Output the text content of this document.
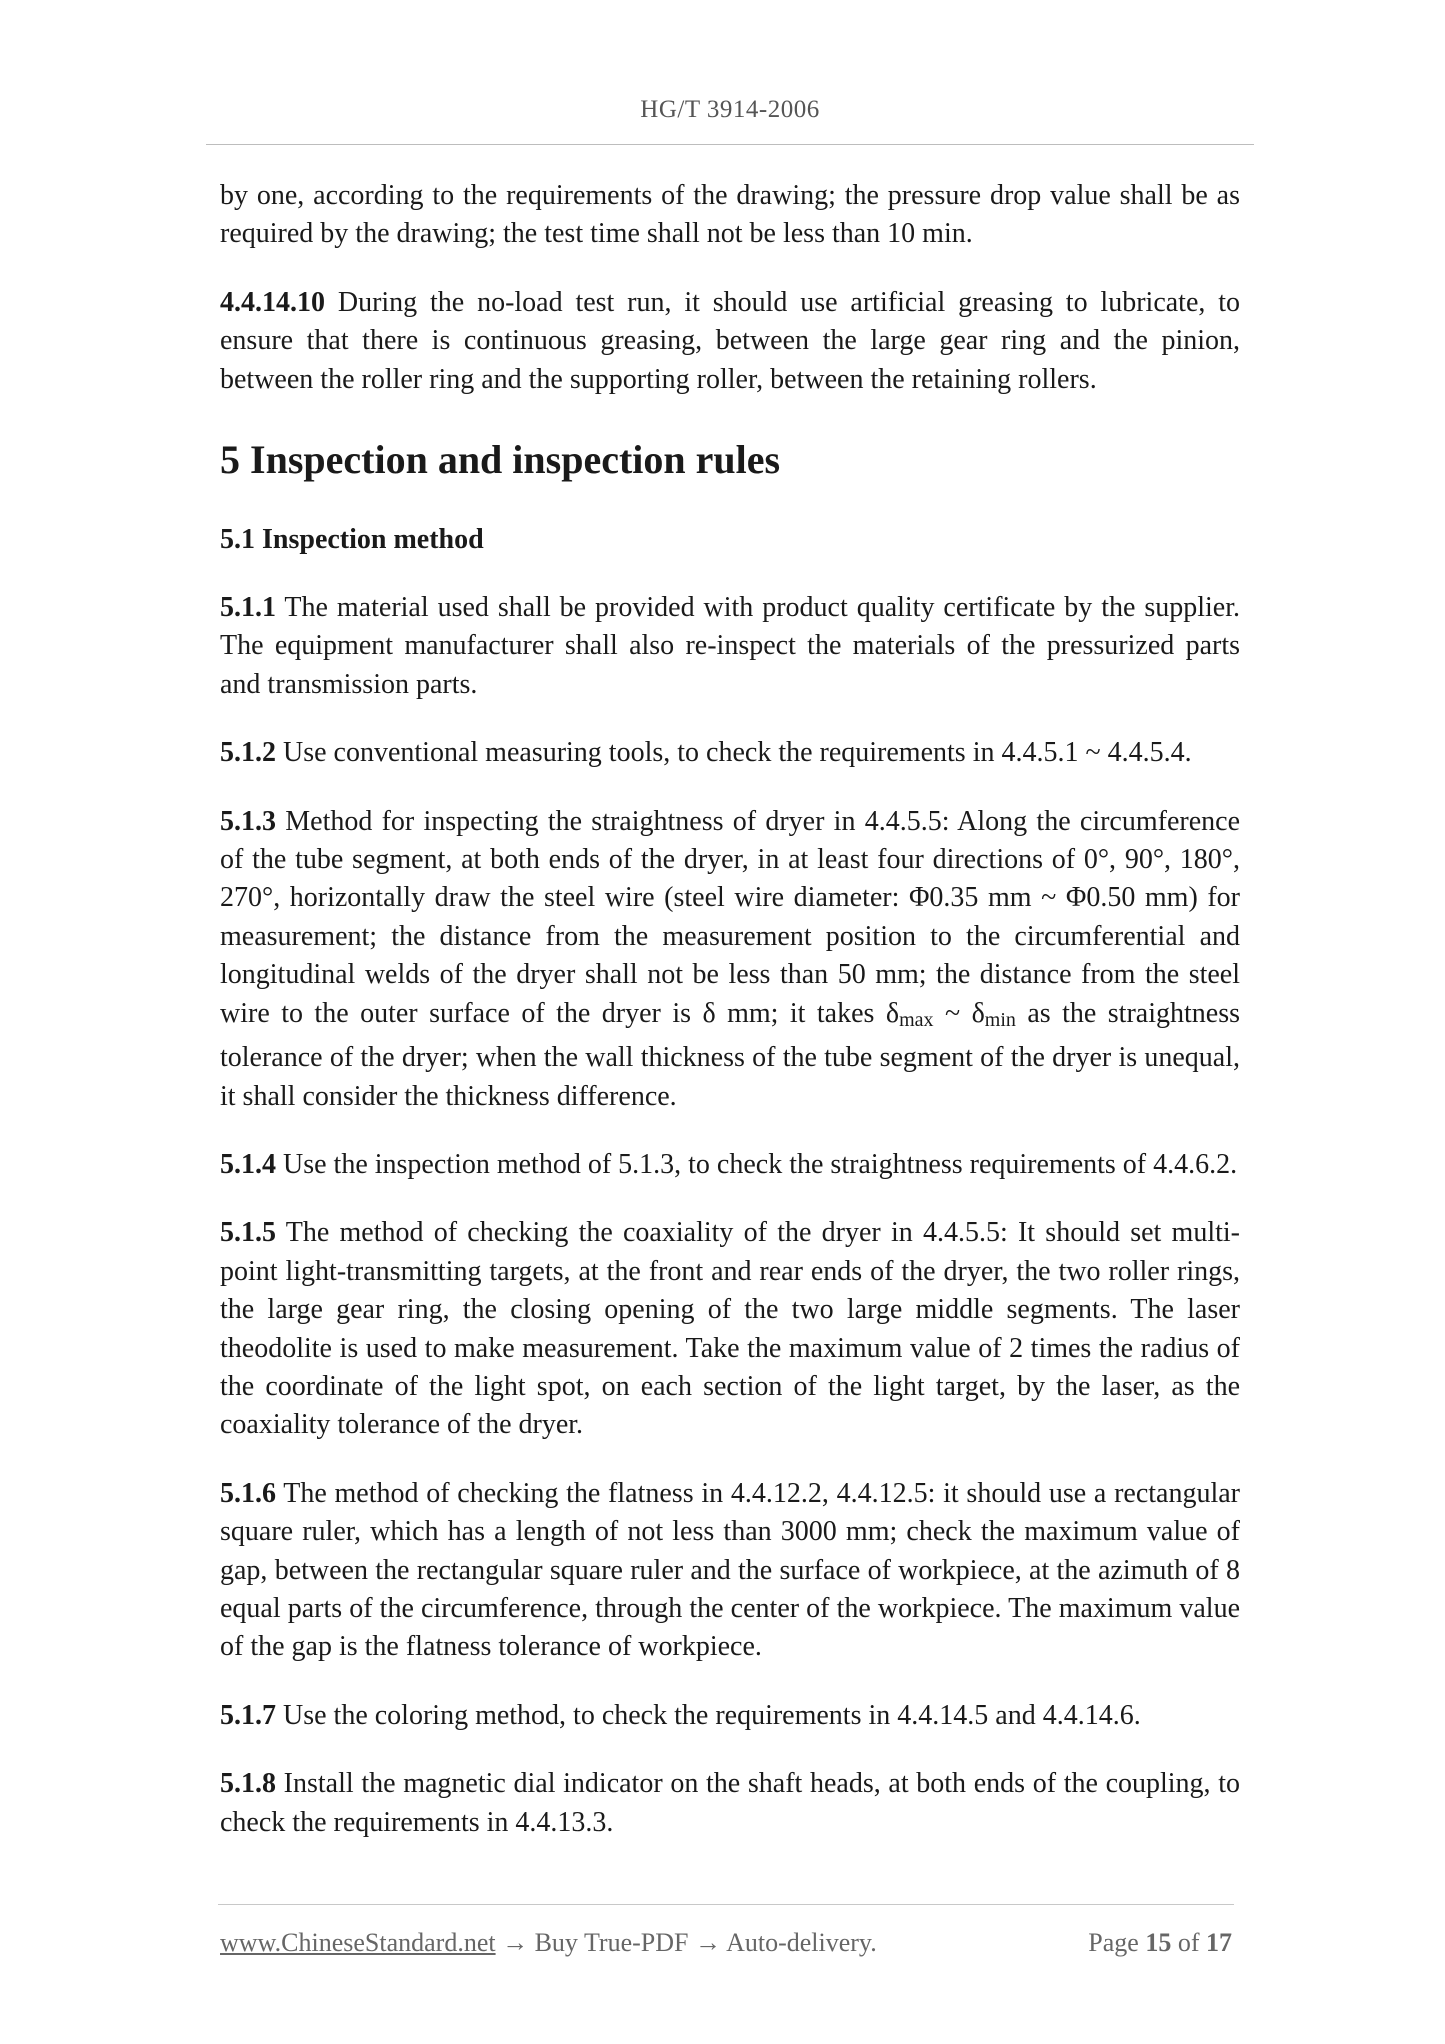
HG/T 3914-2006

by one, according to the requirements of the drawing; the pressure drop value shall be as required by the drawing; the test time shall not be less than 10 min.

4.4.14.10 During the no-load test run, it should use artificial greasing to lubricate, to ensure that there is continuous greasing, between the large gear ring and the pinion, between the roller ring and the supporting roller, between the retaining rollers.

5 Inspection and inspection rules
5.1 Inspection method

5.1.1 The material used shall be provided with product quality certificate by the supplier. The equipment manufacturer shall also re-inspect the materials of the pressurized parts and transmission parts.

5.1.2 Use conventional measuring tools, to check the requirements in 4.4.5.1 ~ 4.4.5.4.

5.1.3 Method for inspecting the straightness of dryer in 4.4.5.5: Along the circumference of the tube segment, at both ends of the dryer, in at least four directions of 0°, 90°, 180°, 270°, horizontally draw the steel wire (steel wire diameter: Φ0.35 mm ~ Φ0.50 mm) for measurement; the distance from the measurement position to the circumferential and longitudinal welds of the dryer shall not be less than 50 mm; the distance from the steel wire to the outer surface of the dryer is δ mm; it takes $\delta_{max}$ ~ $\delta_{min}$ as the straightness tolerance of the dryer; when the wall thickness of the tube segment of the dryer is unequal, it shall consider the thickness difference.

5.1.4 Use the inspection method of 5.1.3, to check the straightness requirements of 4.4.6.2.

5.1.5 The method of checking the coaxiality of the dryer in 4.4.5.5: It should set multi-point light-transmitting targets, at the front and rear ends of the dryer, the two roller rings, the large gear ring, the closing opening of the two large middle segments. The laser theodolite is used to make measurement. Take the maximum value of 2 times the radius of the coordinate of the light spot, on each section of the light target, by the laser, as the coaxiality tolerance of the dryer.

5.1.6 The method of checking the flatness in 4.4.12.2, 4.4.12.5: it should use a rectangular square ruler, which has a length of not less than 3000 mm; check the maximum value of gap, between the rectangular square ruler and the surface of workpiece, at the azimuth of 8 equal parts of the circumference, through the center of the workpiece. The maximum value of the gap is the flatness tolerance of workpiece.

5.1.7 Use the coloring method, to check the requirements in 4.4.14.5 and 4.4.14.6.

5.1.8 Install the magnetic dial indicator on the shaft heads, at both ends of the coupling, to check the requirements in 4.4.13.3.

www.ChineseStandard.net → Buy True-PDF → Auto-delivery.	Page 15 of 17
